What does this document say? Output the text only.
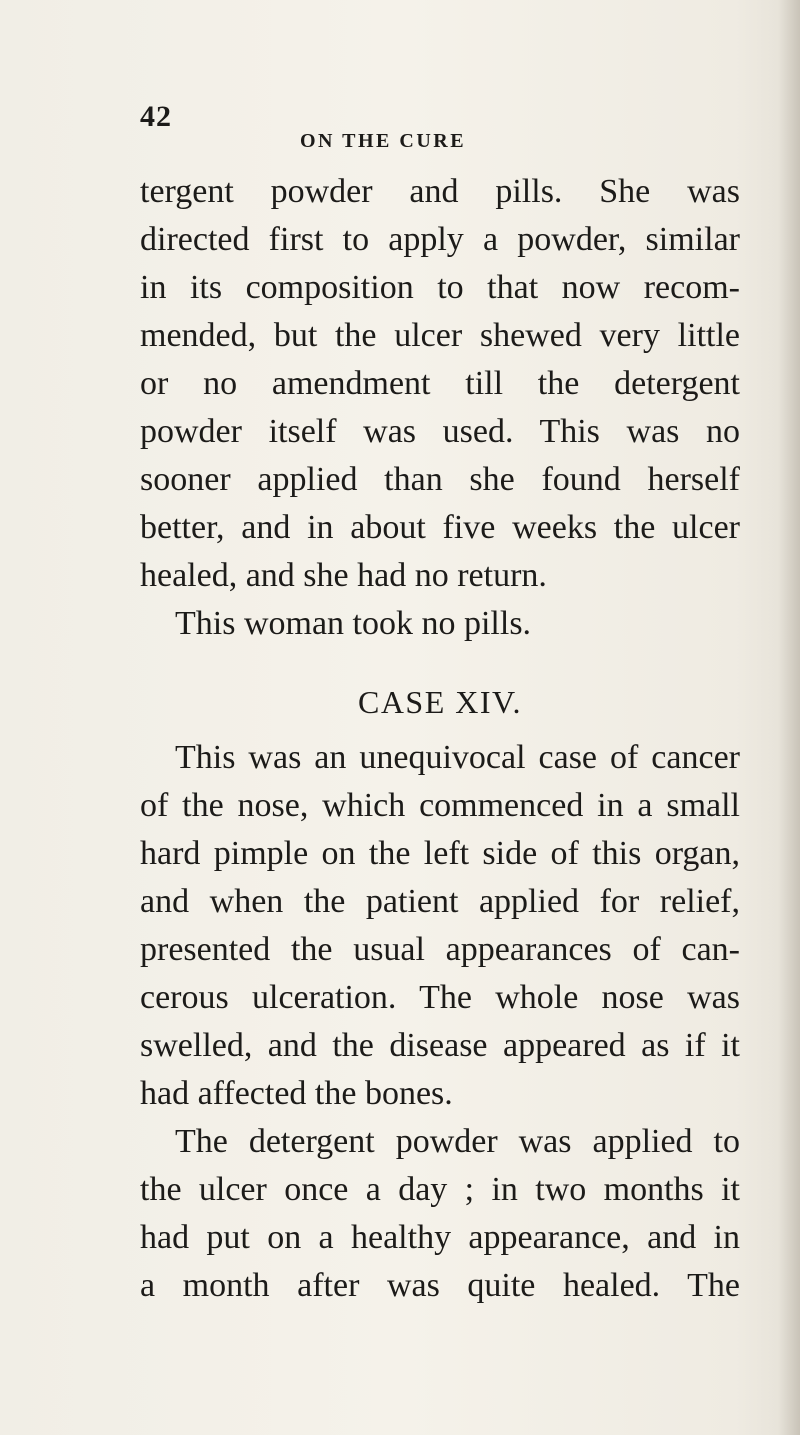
42
ON THE CURE
tergent powder and pills. She was
directed first to apply a powder, similar
in its composition to that now recom-
mended, but the ulcer shewed very little
or no amendment till the detergent
powder itself was used. This was no
sooner applied than she found herself
better, and in about five weeks the ulcer
healed, and she had no return.
This woman took no pills.
CASE XIV.
This was an unequivocal case of cancer
of the nose, which commenced in a small
hard pimple on the left side of this organ,
and when the patient applied for relief,
presented the usual appearances of can-
cerous ulceration. The whole nose was
swelled, and the disease appeared as if it
had affected the bones.
The detergent powder was applied to
the ulcer once a day ; in two months it
had put on a healthy appearance, and in
a month after was quite healed. The
